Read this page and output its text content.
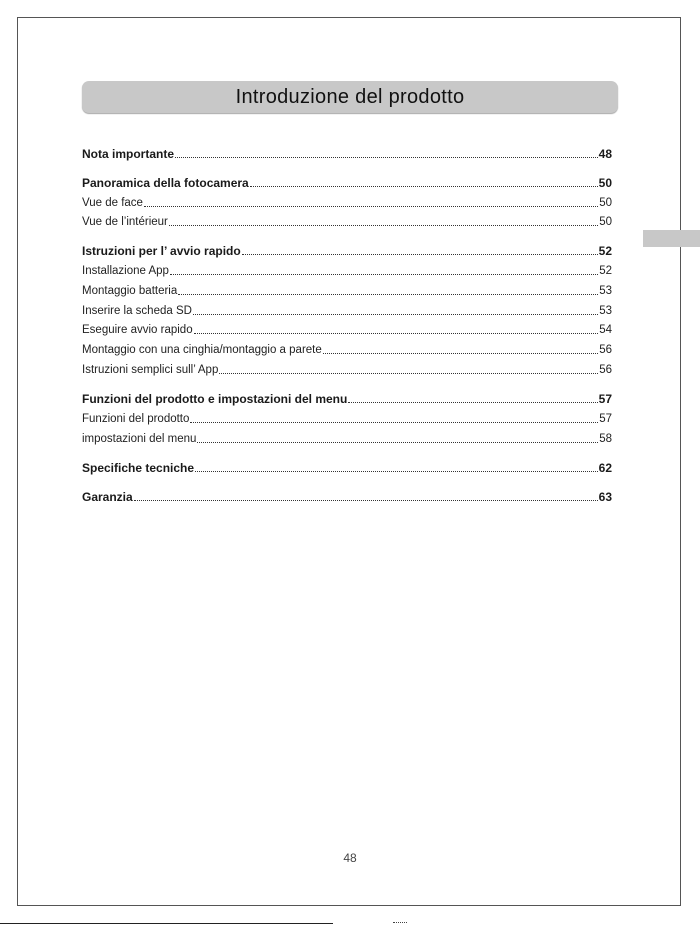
Introduzione del prodotto
Nota importante	48
Panoramica della fotocamera	50
Vue de face	50
Vue de l’intérieur	50
Istruzioni per l’ avvio rapido	52
Installazione App	52
Montaggio batteria	53
Inserire la scheda SD	53
Eseguire avvio rapido	54
Montaggio con una cinghia/montaggio a parete	56
Istruzioni semplici sull’ App	56
Funzioni del prodotto e impostazioni del menu	57
Funzioni del prodotto	57
impostazioni del menu	58
Specifiche tecniche	62
Garanzia	63
48
